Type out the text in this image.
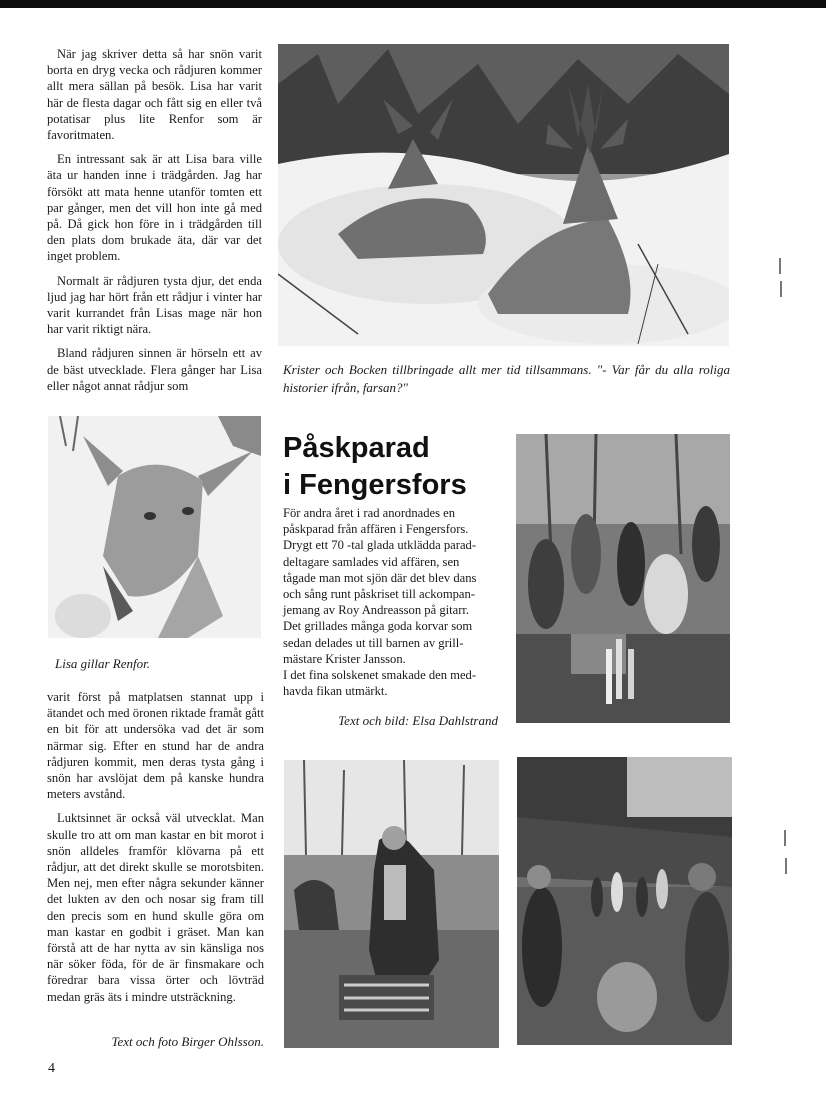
När jag skriver detta så har snön varit borta en dryg vecka och rådjuren kommer allt mera sällan på besök. Lisa har varit här de flesta dagar och fått sig en eller två potatisar plus lite Renfor som är favoritmaten.

En intressant sak är att Lisa bara ville äta ur handen inne i trädgården. Jag har försökt att mata henne utanför tomten ett par gånger, men det vill hon inte gå med på. Då gick hon före in i trädgården till den plats dom brukade äta, där var det inget problem.

Normalt är rådjuren tysta djur, det enda ljud jag har hört från ett rådjur i vinter har varit kurrandet från Lisas mage när hon har varit riktigt nära.

Bland rådjuren sinnen är hörseln ett av de bäst utvecklade. Flera gånger har Lisa eller något annat rådjur som

Krister och Bocken tillbringade allt mer tid tillsammans. "- Var får du alla roliga historier ifrån, farsan?"
Lisa gillar Renfor.

varit först på matplatsen stannat upp i ätandet och med öronen riktade framåt gått en bit för att undersöka vad det är som närmar sig. Efter en stund har de andra rådjuren kommit, men deras tysta gång i snön har avslöjat dem på kanske hundra meters avstånd.

Luktsinnet är också väl utvecklat. Man skulle tro att om man kastar en bit morot i snön alldeles framför klövarna på ett rådjur, att det direkt skulle se morotsbiten. Men nej, men efter några sekunder känner det lukten av den och nosar sig fram till den precis som en hund skulle göra om man kastar en godbit i gräset. Man kan förstå att de har nytta av sin känsliga nos när söker föda, för de är finsmakare och föredrar bara vissa örter och lövträd medan gräs äts i mindre utsträckning.

Text och foto Birger Ohlsson.
Påskparad
i Fengersfors
För andra året i rad anordnades en
påskparad från affären i Fengersfors.
Drygt ett 70 -tal glada utklädda parad-
deltagare samlades vid affären, sen
tågade man mot sjön där det blev dans
och sång runt påskriset till ackompan-
jemang av Roy Andreasson på gitarr.
Det grillades många goda korvar som
sedan delades ut till barnen av grill-
mästare Krister Jansson.
I det fina solskenet smakade den med-
havda fikan utmärkt.
Text och bild: Elsa Dahlstrand
4
